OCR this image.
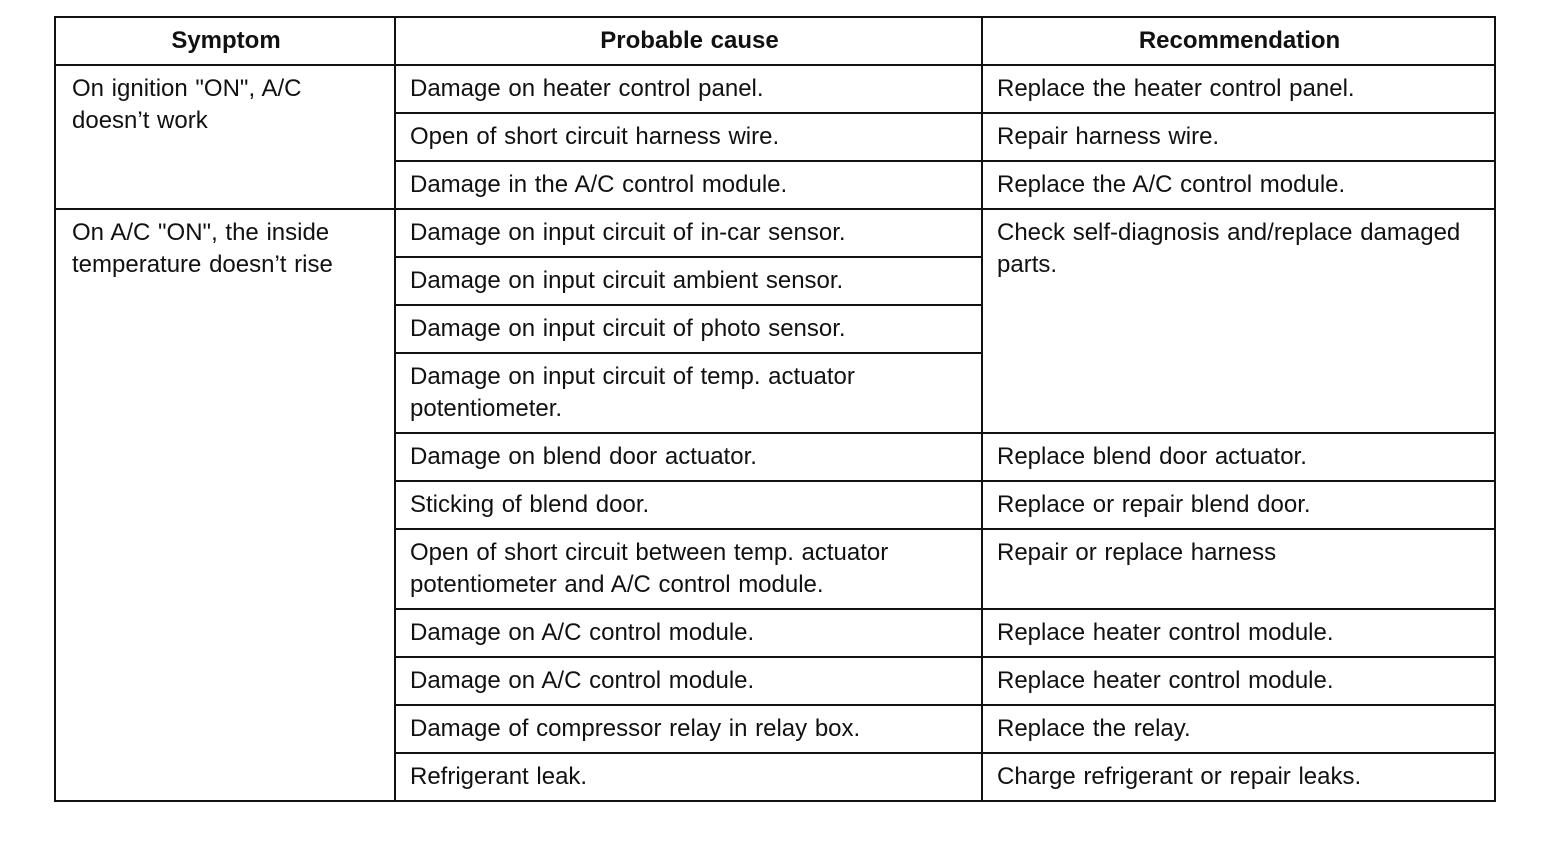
Symptom	Probable cause	Recommendation
On ignition "ON", A/C doesn’t work	Damage on heater control panel.	Replace the heater control panel.
	Open of short circuit harness wire.	Repair harness wire.
	Damage in the A/C control module.	Replace the A/C control module.
On A/C "ON", the inside temperature doesn’t rise	Damage on input circuit of in-car sensor.	Check self-diagnosis and/replace damaged parts.
	Damage on input circuit ambient sensor.	
	Damage on input circuit of photo sensor.	
	Damage on input circuit of temp. actuator potentiometer.	
	Damage on blend door actuator.	Replace blend door actuator.
	Sticking of blend door.	Replace or repair blend door.
	Open of short circuit between temp. actuator potentiometer and A/C control module.	Repair or replace harness
	Damage on A/C control module.	Replace heater control module.
	Damage on A/C control module.	Replace heater control module.
	Damage of compressor relay in relay box.	Replace the relay.
	Refrigerant leak.	Charge refrigerant or repair leaks.
